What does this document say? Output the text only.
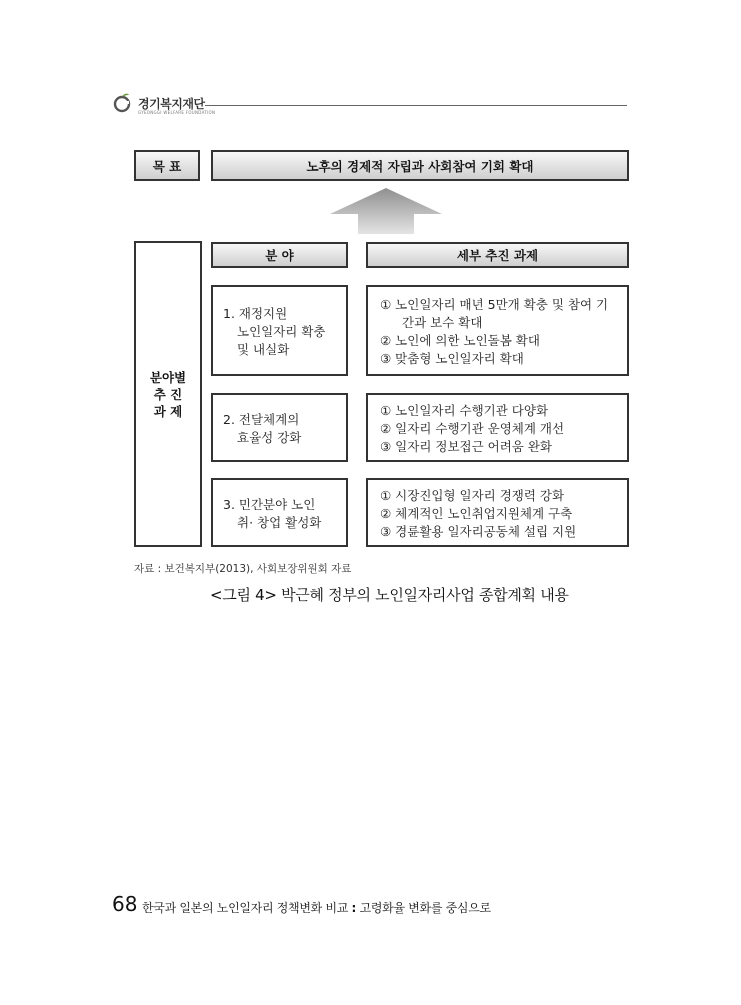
경기복지재단
GYEONGGI WELFARE FOUNDATION
목 표	노후의 경제적 자립과 사회참여 기회 확대
분야별
추 진
과 제
분 야	세부 추진 과제
1. 재정지원
노인일자리 확충
및 내실화
① 노인일자리 매년 5만개 확충 및 참여 기간과 보수 확대
② 노인에 의한 노인돌봄 확대
③ 맞춤형 노인일자리 확대
2. 전달체계의
효율성 강화
① 노인일자리 수행기관 다양화
② 일자리 수행기관 운영체계 개선
③ 일자리 정보접근 어려움 완화
3. 민간분야 노인
취· 창업 활성화
① 시장진입형 일자리 경쟁력 강화
② 체계적인 노인취업지원체계 구축
③ 경륜활용 일자리공동체 설립 지원
자료 : 보건복지부(2013), 사회보장위원회 자료
<그림 4> 박근혜 정부의 노인일자리사업 종합계획 내용
68 한국과 일본의 노인일자리 정책변화 비교 : 고령화율 변화를 중심으로
